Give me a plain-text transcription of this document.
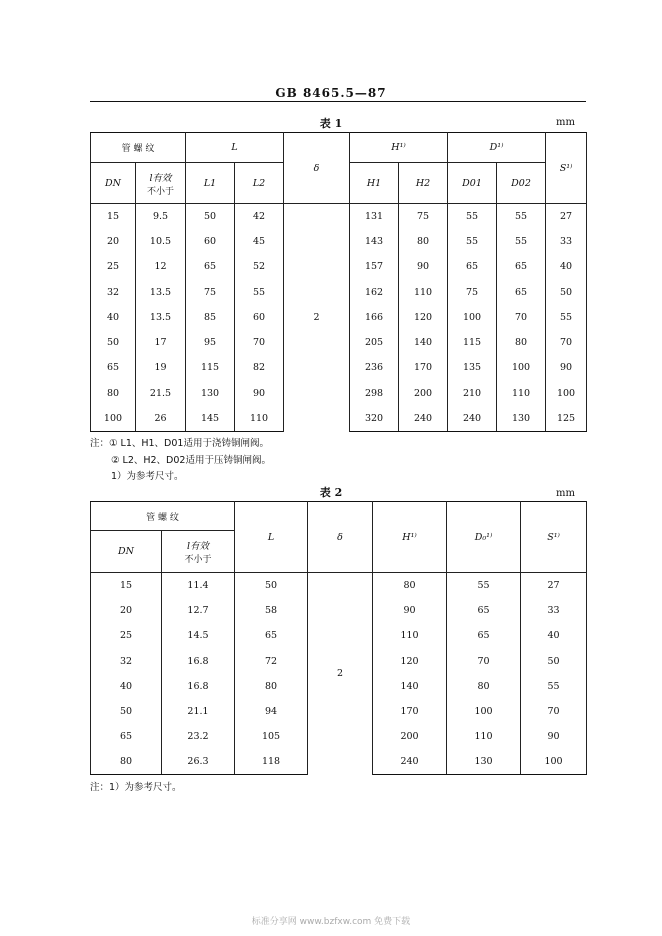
GB 8465.5—87
表 1	mm
管 螺 纹		L		δ	H¹⁾		D¹⁾		S¹⁾
DN	l有效
不小于	L1	L2		H1	H2	D01	D02	
15	9.5	50	42	2	131	75	55	55	27
20	10.5	60	45		143	80	55	55	33
25	12	65	52		157	90	65	65	40
32	13.5	75	55		162	110	75	65	50
40	13.5	85	60		166	120	100	70	55
50	17	95	70		205	140	115	80	70
65	19	115	82		236	170	135	100	90
80	21.5	130	90		298	200	210	110	100
100	26	145	110		320	240	240	130	125
注：① L1、H1、D01适用于浇铸铜闸阀。
② L2、H2、D02适用于压铸铜闸阀。
1）为参考尺寸。
表 2	mm
管 螺 纹		L	δ	H¹⁾	D₀¹⁾	S¹⁾
DN	l有效
不小于					

15	11.4	50	2	80	55	27
20	12.7	58		90	65	33
25	14.5	65		110	65	40
32	16.8	72		120	70	50
40	16.8	80		140	80	55
50	21.1	94		170	100	70
65	23.2	105		200	110	90
80	26.3	118		240	130	100
注：1）为参考尺寸。
标准分享网 www.bzfxw.com 免费下载
